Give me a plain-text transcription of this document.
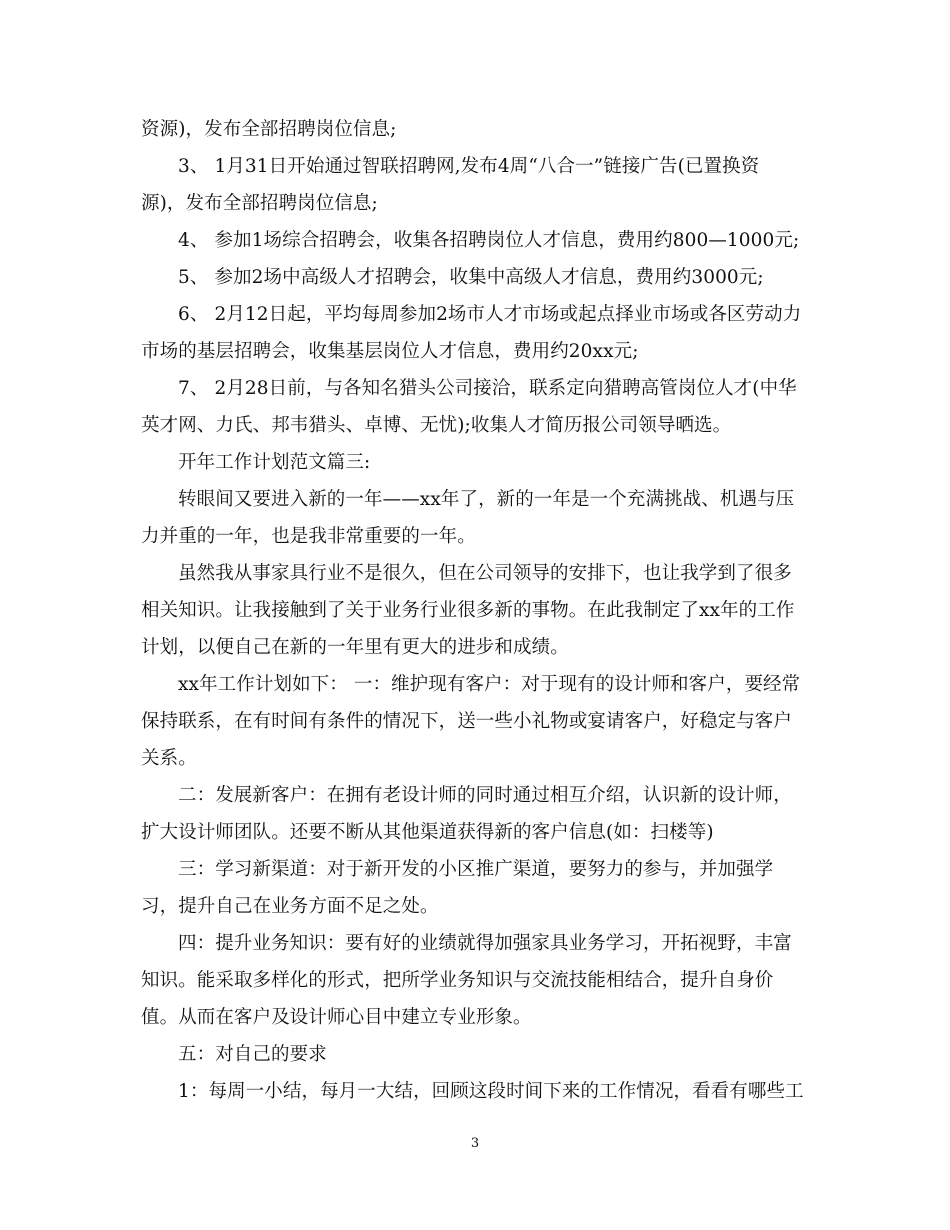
资源)，发布全部招聘岗位信息;
3、 1月31日开始通过智联招聘网,发布4周“八合一”链接广告(已置换资
源)，发布全部招聘岗位信息;
4、 参加1场综合招聘会，收集各招聘岗位人才信息，费用约800—1000元;
5、 参加2场中高级人才招聘会，收集中高级人才信息，费用约3000元;
6、 2月12日起，平均每周参加2场市人才市场或起点择业市场或各区劳动力
市场的基层招聘会，收集基层岗位人才信息，费用约20xx元;
7、 2月28日前，与各知名猎头公司接洽，联系定向猎聘高管岗位人才(中华
英才网、力氏、邦韦猎头、卓博、无忧);收集人才简历报公司领导晒选。
开年工作计划范文篇三:
转眼间又要进入新的一年——xx年了，新的一年是一个充满挑战、机遇与压
力并重的一年，也是我非常重要的一年。
虽然我从事家具行业不是很久，但在公司领导的安排下，也让我学到了很多
相关知识。让我接触到了关于业务行业很多新的事物。在此我制定了xx年的工作
计划，以便自己在新的一年里有更大的进步和成绩。
xx年工作计划如下： 一：维护现有客户：对于现有的设计师和客户，要经常
保持联系，在有时间有条件的情况下，送一些小礼物或宴请客户，好稳定与客户
关系。
二：发展新客户：在拥有老设计师的同时通过相互介绍，认识新的设计师，
扩大设计师团队。还要不断从其他渠道获得新的客户信息(如：扫楼等)
三：学习新渠道：对于新开发的小区推广渠道，要努力的参与，并加强学
习，提升自己在业务方面不足之处。
四：提升业务知识：要有好的业绩就得加强家具业务学习，开拓视野，丰富
知识。能采取多样化的形式，把所学业务知识与交流技能相结合，提升自身价
值。从而在客户及设计师心目中建立专业形象。
五：对自己的要求
1：每周一小结，每月一大结，回顾这段时间下来的工作情况，看看有哪些工
3
